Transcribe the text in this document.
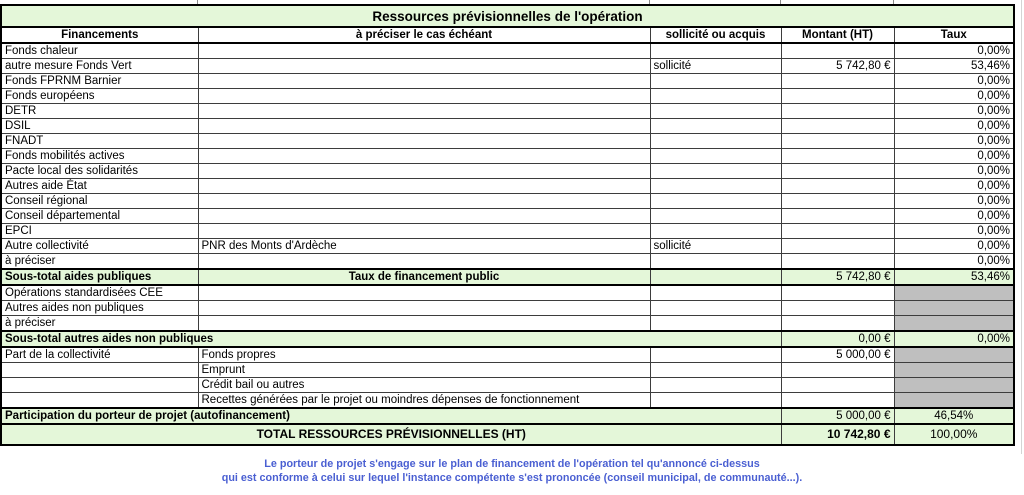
Ressources prévisionnelles de l'opération				
Financements	à préciser le cas échéant	sollicité ou acquis	Montant (HT)	Taux
Fonds chaleur				0,00%
autre mesure Fonds Vert		sollicité	5 742,80 €	53,46%
Fonds FPRNM Barnier				0,00%
Fonds européens				0,00%
DETR				0,00%
DSIL				0,00%
FNADT				0,00%
Fonds mobilités actives				0,00%
Pacte local des solidarités				0,00%
Autres aide État				0,00%
Conseil régional				0,00%
Conseil départemental				0,00%
EPCI				0,00%
Autre collectivité	PNR des Monts d'Ardèche	sollicité		0,00%
à préciser				0,00%
Sous-total aides publiques	Taux de financement public		5 742,80 €	53,46%
Opérations standardisées CEE				
Autres aides non publiques				
à préciser				
Sous-total autres aides non publiques			0,00 €	0,00%
Part de la collectivité	Fonds propres		5 000,00 €	
	Emprunt			
	Crédit bail ou autres			
	Recettes générées par le projet ou moindres dépenses de fonctionnement			
Participation du porteur de projet (autofinancement)			5 000,00 €	46,54%
TOTAL RESSOURCES PRÉVISIONNELLES (HT)			10 742,80 €	100,00%
Le porteur de projet s'engage sur le plan de financement de l'opération tel qu'annoncé ci-dessus
qui est conforme à celui sur lequel l'instance compétente s'est prononcée (conseil municipal, de communauté...).
